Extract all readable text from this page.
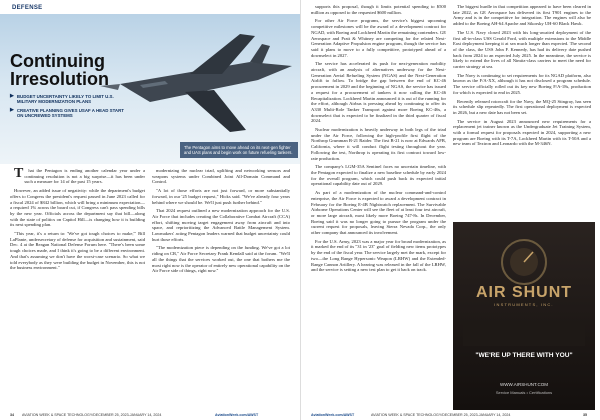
DEFENSE
Continuing
Irresolution
▶ BUDGET UNCERTAINTY LIKELY TO LIMIT U.S. MILITARY MODERNIZATION PLANS
▶ CREATIVE PLANNING GIVES USAF A HEAD START ON UNCREWED SYSTEMS
The Pentagon aims to move ahead on its next-gen fighter and UAS plans and begin work on future refueling tankers.

That the Pentagon is ending another calendar year under a continuing resolution is not a big surprise—it has been under such a measure for 14 of the past 15 years.

However, an added issue of negativity: while the department's budget offers to Congress the president's request passed in June 2023 called for a fiscal 2024 of $842 billion, which will bring a minimum expectation—a required 1% across the board cut, if Congress can't pass spending bills by the new year. Officials across the department say that bill—along with the state of politics on Capitol Hill—is changing how it is building its next spending plan.

"This year, it's a return to: 'We've got tough choices to make,'" Bill LaPlante, undersecretary of defense for acquisition and sustainment, said Dec. 4 at the Reagan National Defense Forum here. "There's been some tough choices made, and I think it's going to be a different environment. And that's assuming we don't have the worst-case scenario. So what we told everybody as they were building the budget in November, this is not the business environment."

modernizing the nuclear triad, uplifting and networking sensors and weapons systems under Combined Joint All-Domain Command and Control.

"A lot of those efforts are not just forward, or more substantially forward, in our '25 budget request," Hicks said. "We've already four years behind where we should be. We'll just push further behind."

That 2024 request outlined a new modernization approach for the U.S. Air Force that includes creating the Collaborative Combat Aircraft (CCA) effort, shifting moving target engagement away from aircraft and into space, and reprioritizing the Advanced Battle Management System. Lawmakers' acting Pentagon leaders warned that budget uncertainty could hurt those efforts.

"The modernization piece is depending on the funding. We've got a lot riding on CR," Air Force Secretary Frank Kendall said at the forum. "We'll all the things that the services worked out, the one that bothers me the most right now is the operator of entirely new operational capability on the Air Force side of things, right now."

34 AVIATION WEEK & SPACE TECHNOLOGY/DECEMBER 25, 2023-JANUARY 14, 2024	AviationWeek.com/AWST

supports this proposal, though it limits potential spending to $500 million as opposed to the requested $600 million.

For other Air Force programs, the service's biggest upcoming competitive milestones will be the award of a development contract for NGAD, with Boeing and Lockheed Martin the remaining contenders. GE Aerospace and Pratt & Whitney are competing for the related Next-Generation Adaptive Propulsion engine program, though the service has said it plans to move to a fully competitive, prototyped ahead of a downselect in 2027.

The service has accelerated its push for next-generation mobility aircraft, with an analysis of alternatives underway for the Next-Generation Aerial Refueling System (NGAS) and the Next-Generation Airlift to follow. To bridge the gap between the end of KC-46 procurement in 2029 and the beginning of NGAS, the service has issued a request for a procurement of tankers it now calling the KC-46 Recapitalization. Lockheed Martin announced it is out of the running for the effort, although Airbus is pressing ahead by continuing to offer its A330 Multi-Role Tanker Transport against more Boeing KC-46s, a downselect that is expected to be finalized in the third quarter of fiscal 2024.

Nuclear modernization is heavily underway in both legs of the triad under the Air Force, following the high-profile first flight of the Northrop Grumman B-21 Raider. The first B-21 is now at Edwards AFB, California, where it will conduct flight testing throughout the year. Following the test, Northrop is operating its first contract toward low-rate production.

The company's LGM-35A Sentinel faces no uncertain timeline, with the Pentagon expected to finalize a new baseline schedule by early 2024 for the overall program, which could push back its expected initial operational capability date out of 2029.

As part of a modernization of the nuclear command-and-control enterprise, the Air Force is expected to award a development contract in February for the Boeing E-4B Nightwatch replacement. The Survivable Airborne Operations Center will see the fleet of at least four test aircraft, or more large aircraft, most likely more Boeing 747-8s. In December, Boeing said it was no longer going to pursue the program under the current request for proposals, leaving Sierra Nevada Corp., the only other company that announced its involvement.

For the U.S. Army, 2023 was a major year for broad modernization, as it marked the end of its "31 in '23" goal of fielding new items prototypes by the end of the fiscal year. The service largely met the mark, except for two—the Long Range Hypersonic Weapon (LRHW) and the Extended-Range Cannon Artillery. A hearing was released in the fall of the LRHW, and the service is setting a new test plan to get it back on track.

The biggest hurdle in that competition appeared to have been cleared in late 2022, as GE Aerospace has delivered its first T901 engines to the Army and is in the competitive for integration. The engines will also be added to the Boeing AH-64 Apache and Sikorsky UH-60 Black Hawk.

The U.S. Navy closed 2023 with his long-awaited deployment of the first all-in-class USS Gerald Ford, with multiple extensions to the Middle East deployment keeping it at sea much longer than expected. The second of the class, the USS John F. Kennedy, has had its delivery date pushed back from 2024 to an expected July 2025. In the meantime, the service is likely to extend the lives of all Nimitz-class carriers to meet the need for carrier strategy at sea.

The Navy is continuing to set requirements for its NGAD platform, also known as the F/A-XX, although it has not disclosed a program schedule. The service officially rolled out its key new Boeing F/A-18s, production for which is expected to end in 2025.

Recently released rotorcraft for the Navy, the MQ-25 Stingray, has seen its schedule slip repeatedly. The first operational deployment is expected in 2026, but a new date has not been set.

The service in August 2023 announced new requirements for a replacement jet trainer known as the Undergraduate Jet Training System, with a formal request for proposals expected in 2024, supporting a new program are Boeing with its T-7A, Lockheed Martin with its T-50A and a new team of Textron and Leonardo with the M-346N.

AIR SHUNT
INSTRUMENTS, INC.
"WE'RE UP THERE WITH YOU"
WWW.AIRSHUNT.COM
Service Manuals • Certifications
AviationWeek.com/AWST	AVIATION WEEK & SPACE TECHNOLOGY/DECEMBER 25, 2023-JANUARY 14, 2024	35
